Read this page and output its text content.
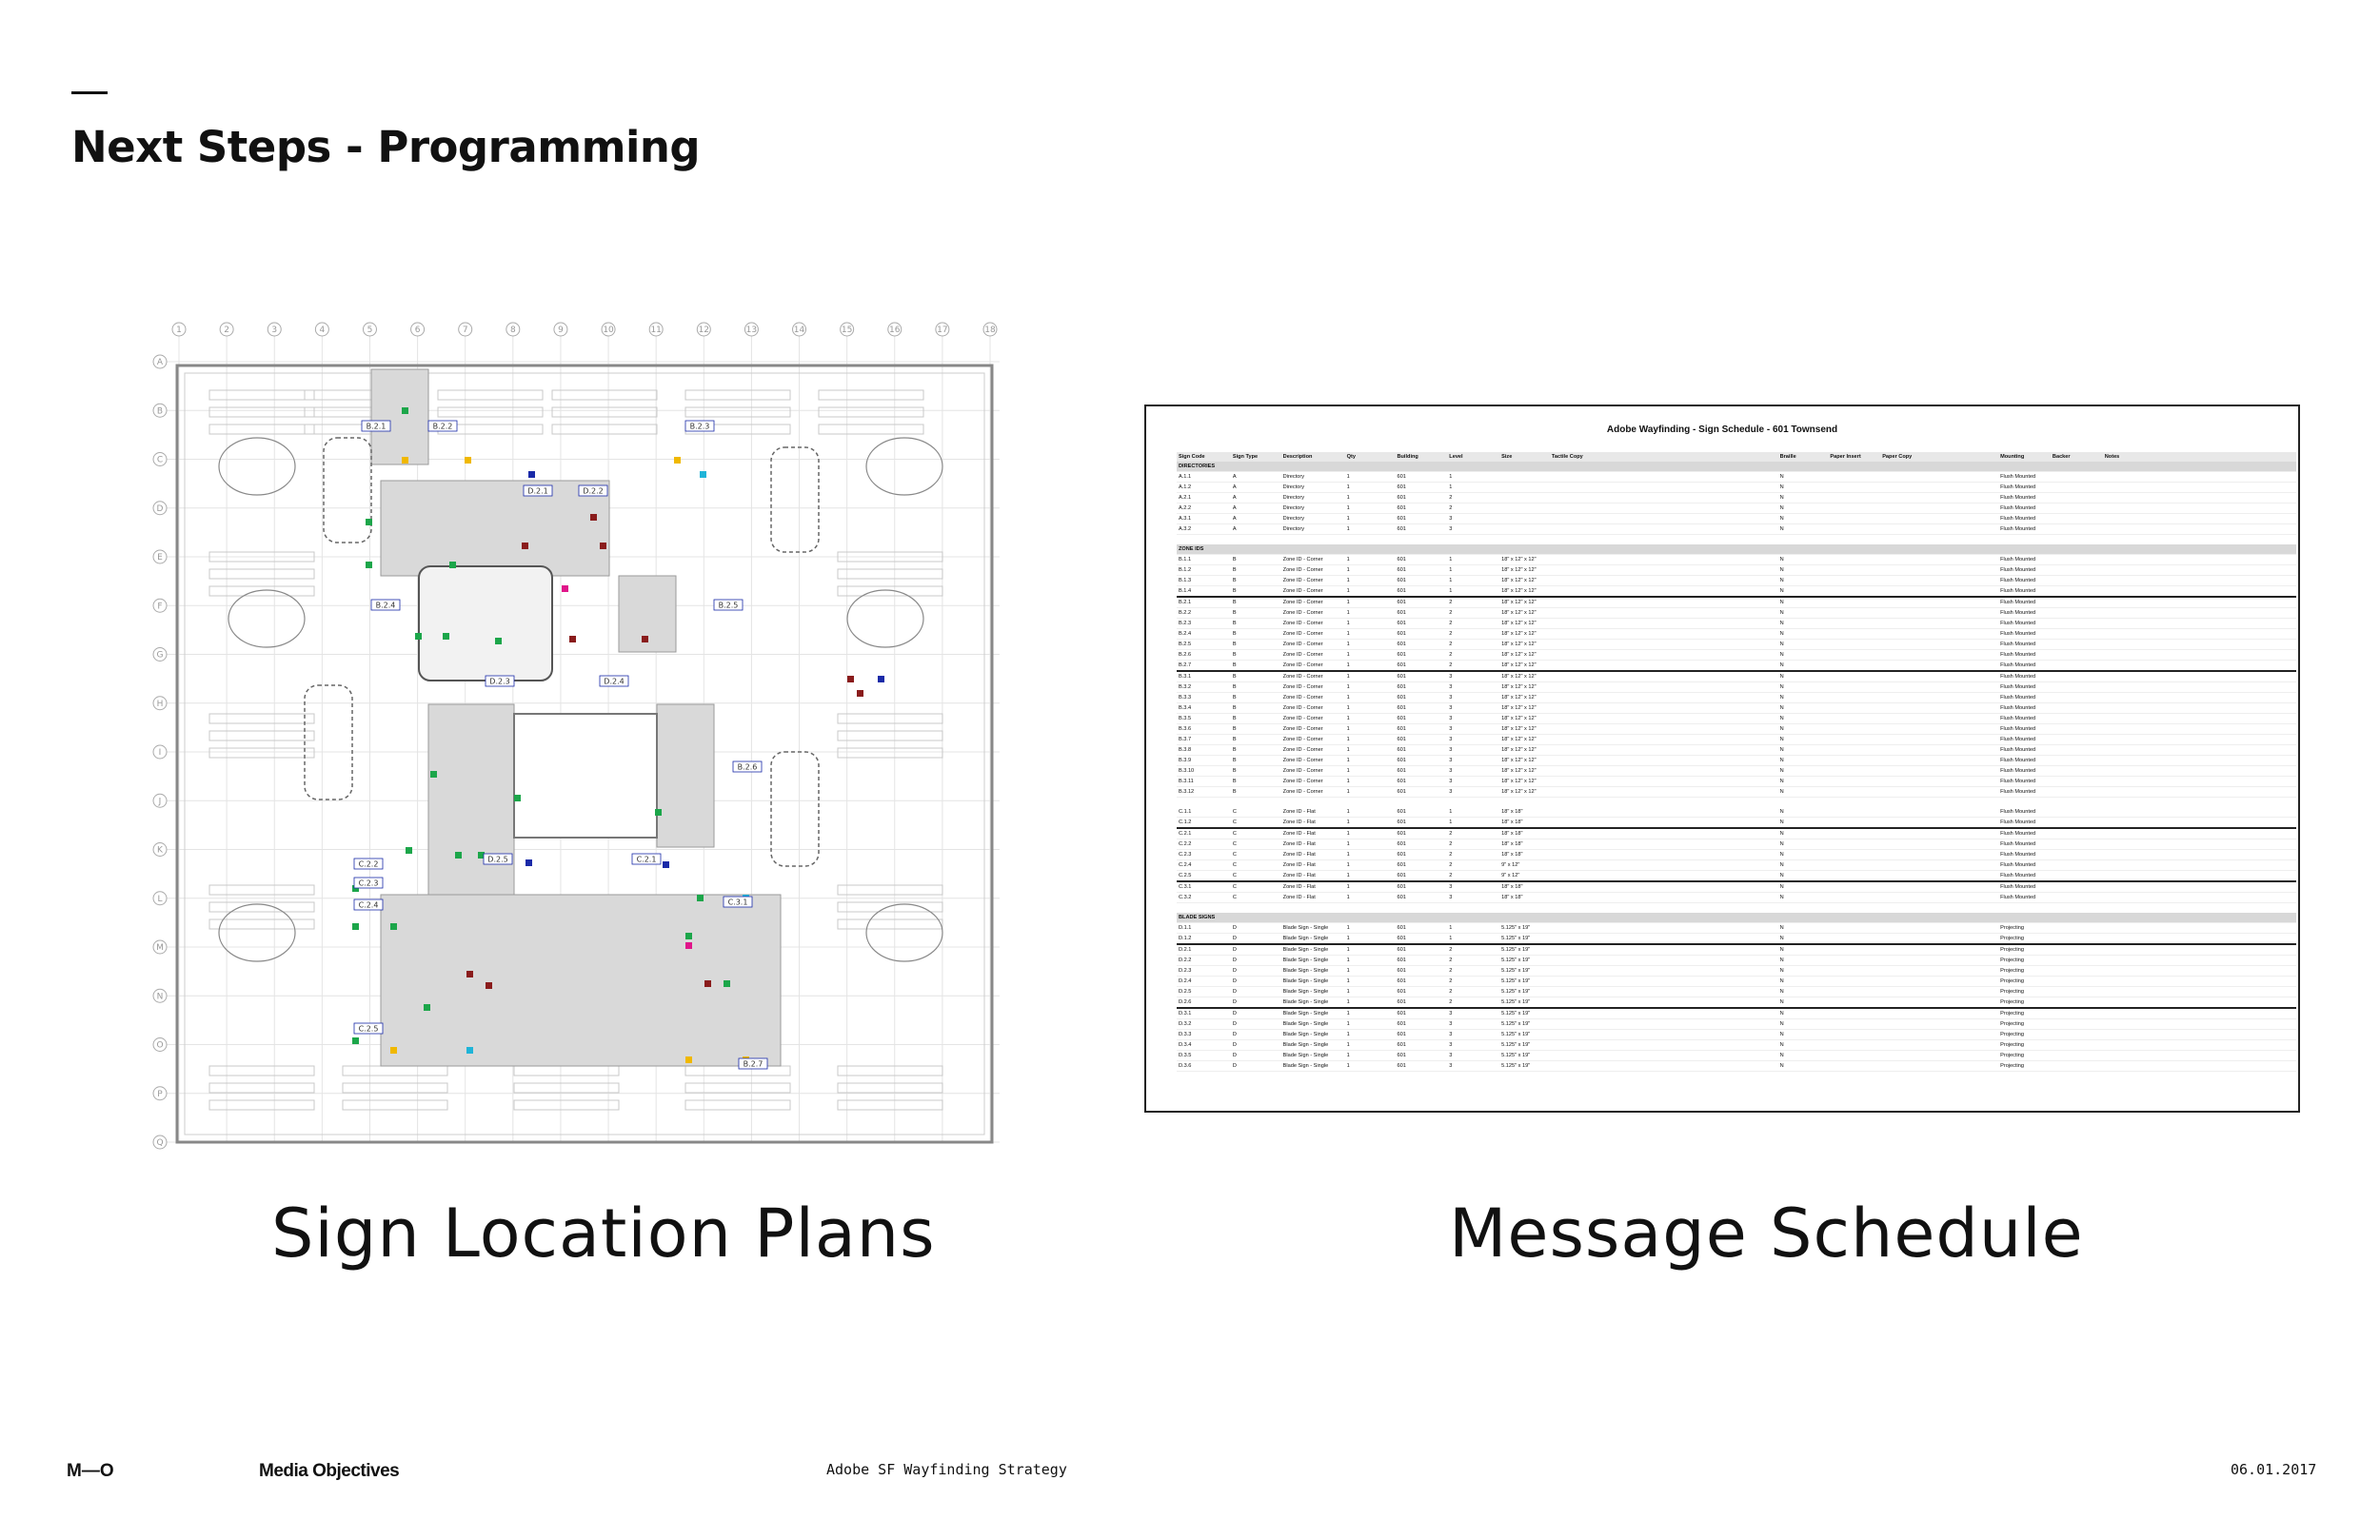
Next Steps - Programming
1	2	3	4	5	6	7	8	9	10	11	12	13	14	15	16	17	18
A
B
C
D
E
F
G
H
I
J
K
L
M
N
O
P
Q
B.2.1	B.2.2	B.2.3
B.2.4	B.2.5
B.2.6
B.2.7
D.2.1	D.2.2
D.2.3	D.2.4
D.2.5	C.2.1
C.2.2
C.2.3
C.2.4
C.2.5
C.3.1
Adobe Wayfinding - Sign Schedule - 601 Townsend
Sign Code	Sign Type	Description	Qty	Building	Level	Size	Tactile Copy	Braille	Paper Insert	Paper Copy	Mounting	Backer	Notes
DIRECTORIES													
A.1.1	A	Directory	1	601	1			N			Flush Mounted		
A.1.2	A	Directory	1	601	1			N			Flush Mounted		
A.2.1	A	Directory	1	601	2			N			Flush Mounted		
A.2.2	A	Directory	1	601	2			N			Flush Mounted		
A.3.1	A	Directory	1	601	3			N			Flush Mounted		
A.3.2	A	Directory	1	601	3			N			Flush Mounted		

ZONE IDS													
B.1.1	B	Zone ID - Corner	1	601	1	18" x 12" x 12"		N			Flush Mounted		
B.1.2	B	Zone ID - Corner	1	601	1	18" x 12" x 12"		N			Flush Mounted		
B.1.3	B	Zone ID - Corner	1	601	1	18" x 12" x 12"		N			Flush Mounted		
B.1.4	B	Zone ID - Corner	1	601	1	18" x 12" x 12"		N			Flush Mounted		
B.2.1	B	Zone ID - Corner	1	601	2	18" x 12" x 12"		N			Flush Mounted		
B.2.2	B	Zone ID - Corner	1	601	2	18" x 12" x 12"		N			Flush Mounted		
B.2.3	B	Zone ID - Corner	1	601	2	18" x 12" x 12"		N			Flush Mounted		
B.2.4	B	Zone ID - Corner	1	601	2	18" x 12" x 12"		N			Flush Mounted		
B.2.5	B	Zone ID - Corner	1	601	2	18" x 12" x 12"		N			Flush Mounted		
B.2.6	B	Zone ID - Corner	1	601	2	18" x 12" x 12"		N			Flush Mounted		
B.2.7	B	Zone ID - Corner	1	601	2	18" x 12" x 12"		N			Flush Mounted		
B.3.1	B	Zone ID - Corner	1	601	3	18" x 12" x 12"		N			Flush Mounted		
B.3.2	B	Zone ID - Corner	1	601	3	18" x 12" x 12"		N			Flush Mounted		
B.3.3	B	Zone ID - Corner	1	601	3	18" x 12" x 12"		N			Flush Mounted		
B.3.4	B	Zone ID - Corner	1	601	3	18" x 12" x 12"		N			Flush Mounted		
B.3.5	B	Zone ID - Corner	1	601	3	18" x 12" x 12"		N			Flush Mounted		
B.3.6	B	Zone ID - Corner	1	601	3	18" x 12" x 12"		N			Flush Mounted		
B.3.7	B	Zone ID - Corner	1	601	3	18" x 12" x 12"		N			Flush Mounted		
B.3.8	B	Zone ID - Corner	1	601	3	18" x 12" x 12"		N			Flush Mounted		
B.3.9	B	Zone ID - Corner	1	601	3	18" x 12" x 12"		N			Flush Mounted		
B.3.10	B	Zone ID - Corner	1	601	3	18" x 12" x 12"		N			Flush Mounted		
B.3.11	B	Zone ID - Corner	1	601	3	18" x 12" x 12"		N			Flush Mounted		
B.3.12	B	Zone ID - Corner	1	601	3	18" x 12" x 12"		N			Flush Mounted		

C.1.1	C	Zone ID - Flat	1	601	1	18" x 18"		N			Flush Mounted		
C.1.2	C	Zone ID - Flat	1	601	1	18" x 18"		N			Flush Mounted		
C.2.1	C	Zone ID - Flat	1	601	2	18" x 18"		N			Flush Mounted		
C.2.2	C	Zone ID - Flat	1	601	2	18" x 18"		N			Flush Mounted		
C.2.3	C	Zone ID - Flat	1	601	2	18" x 18"		N			Flush Mounted		
C.2.4	C	Zone ID - Flat	1	601	2	9" x 12"		N			Flush Mounted		
C.2.5	C	Zone ID - Flat	1	601	2	9" x 12"		N			Flush Mounted		
C.3.1	C	Zone ID - Flat	1	601	3	18" x 18"		N			Flush Mounted		
C.3.2	C	Zone ID - Flat	1	601	3	18" x 18"		N			Flush Mounted		

BLADE SIGNS													
D.1.1	D	Blade Sign - Single	1	601	1	5.125" x 19"		N			Projecting		
D.1.2	D	Blade Sign - Single	1	601	1	5.125" x 19"		N			Projecting		
D.2.1	D	Blade Sign - Single	1	601	2	5.125" x 19"		N			Projecting		
D.2.2	D	Blade Sign - Single	1	601	2	5.125" x 19"		N			Projecting		
D.2.3	D	Blade Sign - Single	1	601	2	5.125" x 19"		N			Projecting		
D.2.4	D	Blade Sign - Single	1	601	2	5.125" x 19"		N			Projecting		
D.2.5	D	Blade Sign - Single	1	601	2	5.125" x 19"		N			Projecting		
D.2.6	D	Blade Sign - Single	1	601	2	5.125" x 19"		N			Projecting		
D.3.1	D	Blade Sign - Single	1	601	3	5.125" x 19"		N			Projecting		
D.3.2	D	Blade Sign - Single	1	601	3	5.125" x 19"		N			Projecting		
D.3.3	D	Blade Sign - Single	1	601	3	5.125" x 19"		N			Projecting		
D.3.4	D	Blade Sign - Single	1	601	3	5.125" x 19"		N			Projecting		
D.3.5	D	Blade Sign - Single	1	601	3	5.125" x 19"		N			Projecting		
D.3.6	D	Blade Sign - Single	1	601	3	5.125" x 19"		N			Projecting		
Sign Location Plans	Message Schedule
M—O	Media Objectives	Adobe SF Wayfinding Strategy	06.01.2017
